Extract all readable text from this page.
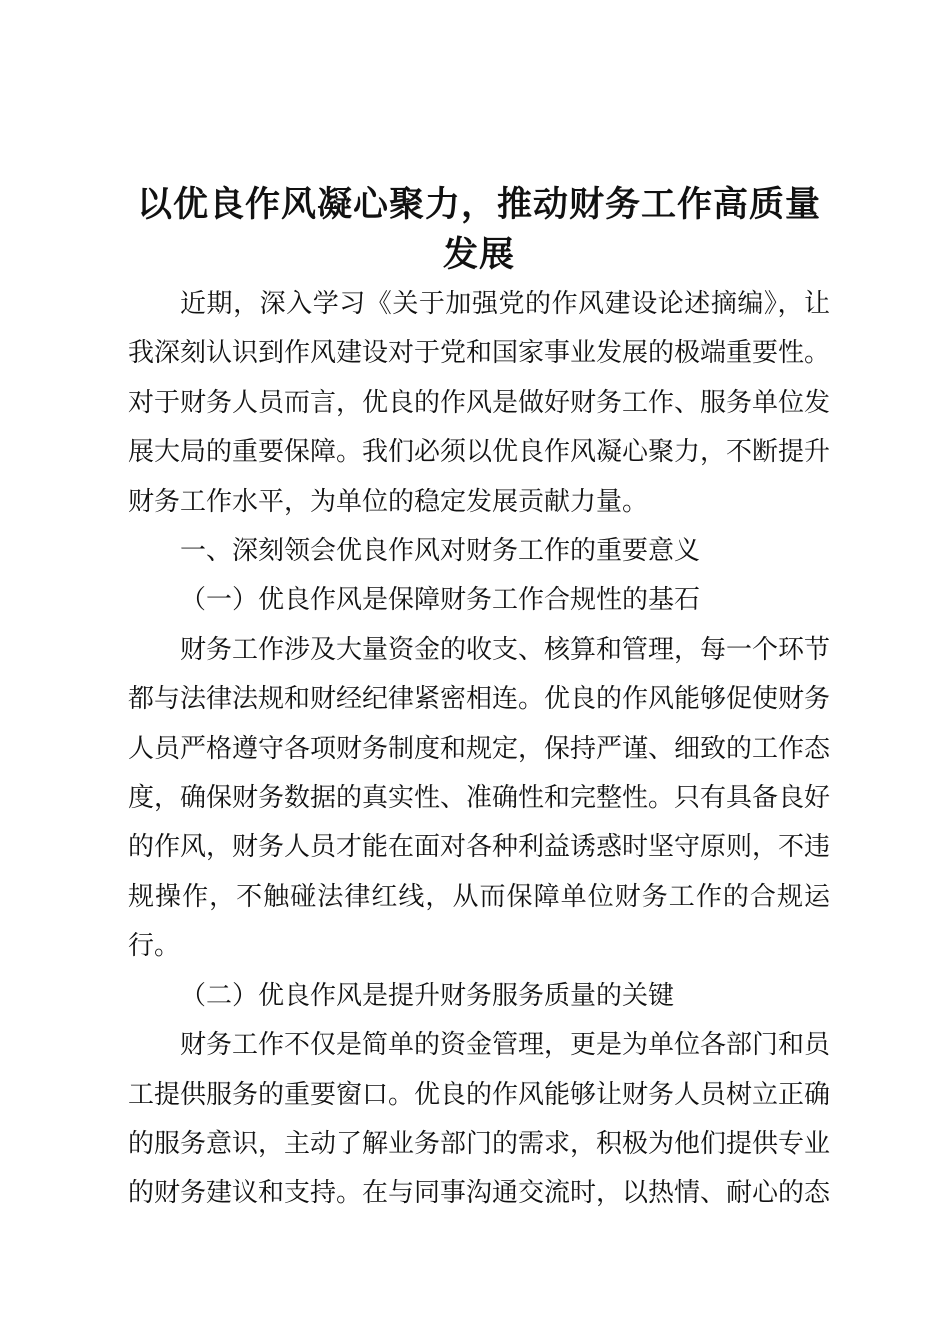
以优良作风凝心聚力，推动财务工作高质量发展

近期，深入学习《关于加强党的作风建设论述摘编》，让我深刻认识到作风建设对于党和国家事业发展的极端重要性。对于财务人员而言，优良的作风是做好财务工作、服务单位发展大局的重要保障。我们必须以优良作风凝心聚力，不断提升财务工作水平，为单位的稳定发展贡献力量。

一、深刻领会优良作风对财务工作的重要意义

（一）优良作风是保障财务工作合规性的基石

财务工作涉及大量资金的收支、核算和管理，每一个环节都与法律法规和财经纪律紧密相连。优良的作风能够促使财务人员严格遵守各项财务制度和规定，保持严谨、细致的工作态度，确保财务数据的真实性、准确性和完整性。只有具备良好的作风，财务人员才能在面对各种利益诱惑时坚守原则，不违规操作，不触碰法律红线，从而保障单位财务工作的合规运行。

（二）优良作风是提升财务服务质量的关键

财务工作不仅是简单的资金管理，更是为单位各部门和员工提供服务的重要窗口。优良的作风能够让财务人员树立正确的服务意识，主动了解业务部门的需求，积极为他们提供专业的财务建议和支持。在与同事沟通交流时，以热情、耐心的态
